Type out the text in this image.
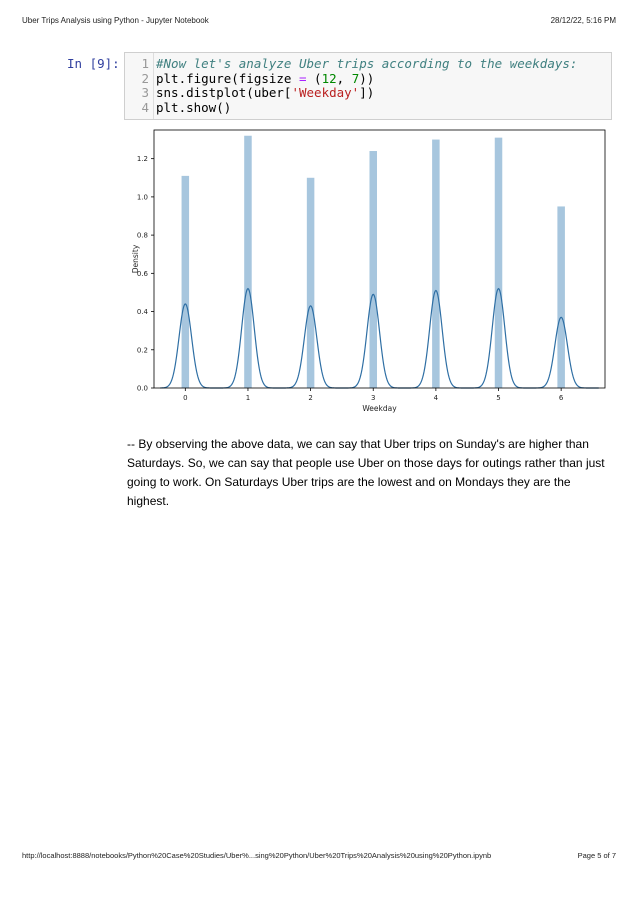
Uber Trips Analysis using Python - Jupyter Notebook	28/12/22, 5:16 PM
In [9]:	1
2
3
4
#Now let's analyze Uber trips according to the weekdays:
plt.figure(figsize = (12, 7))
sns.distplot(uber['Weekday'])
plt.show()
0	1	2	3	4	5	6
0.0
0.2
0.4
0.6
0.8
1.0
1.2
Weekday
Density
-- By observing the above data, we can say that Uber trips on Sunday's are higher than Saturdays. So, we can say that people use Uber on those days for outings rather than just going to work. On Saturdays Uber trips are the lowest and on Mondays they are the highest.
http://localhost:8888/notebooks/Python%20Case%20Studies/Uber%...sing%20Python/Uber%20Trips%20Analysis%20using%20Python.ipynb	Page 5 of 7
